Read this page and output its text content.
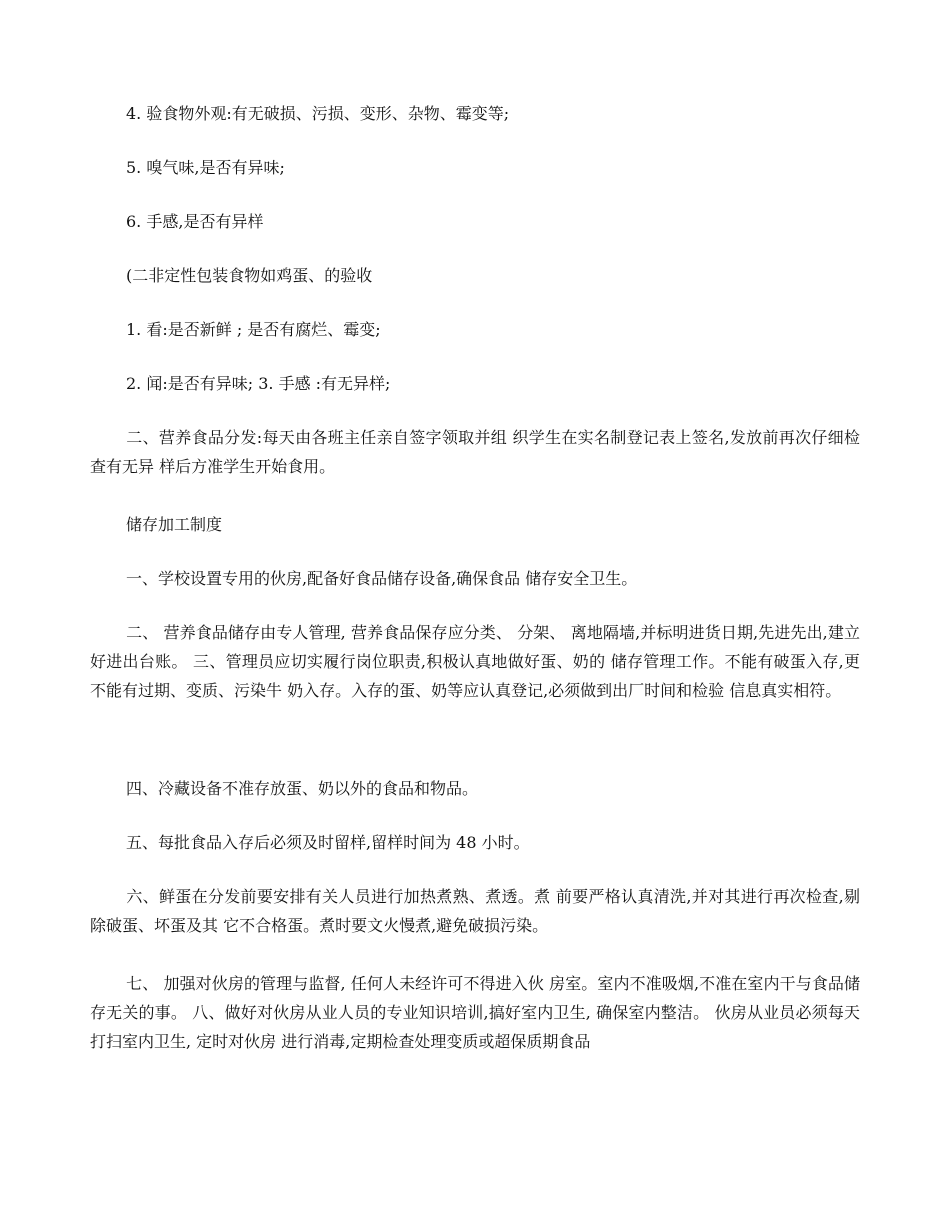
4. 验食物外观:有无破损、污损、变形、杂物、霉变等;

5. 嗅气味,是否有异味;

6. 手感,是否有异样

(二非定性包装食物如鸡蛋、的验收

1. 看:是否新鲜 ; 是否有腐烂、霉变;

2. 闻:是否有异味; 3. 手感 :有无异样;

二、营养食品分发:每天由各班主任亲自签字领取并组 织学生在实名制登记表上签名,发放前再次仔细检查有无异 样后方准学生开始食用。

储存加工制度

一、学校设置专用的伙房,配备好食品储存设备,确保食品 储存安全卫生。

二、 营养食品储存由专人管理, 营养食品保存应分类、 分架、 离地隔墙,并标明进货日期,先进先出,建立好进出台账。 三、管理员应切实履行岗位职责,积极认真地做好蛋、奶的 储存管理工作。不能有破蛋入存,更不能有过期、变质、污染牛 奶入存。入存的蛋、奶等应认真登记,必须做到出厂时间和检验 信息真实相符。

四、冷藏设备不准存放蛋、奶以外的食品和物品。

五、每批食品入存后必须及时留样,留样时间为 48 小时。

六、鲜蛋在分发前要安排有关人员进行加热煮熟、煮透。煮 前要严格认真清洗,并对其进行再次检查,剔除破蛋、坏蛋及其 它不合格蛋。煮时要文火慢煮,避免破损污染。

七、 加强对伙房的管理与监督, 任何人未经许可不得进入伙 房室。室内不准吸烟,不准在室内干与食品储存无关的事。 八、做好对伙房从业人员的专业知识培训,搞好室内卫生, 确保室内整洁。 伙房从业员必须每天打扫室内卫生, 定时对伙房 进行消毒,定期检查处理变质或超保质期食品
